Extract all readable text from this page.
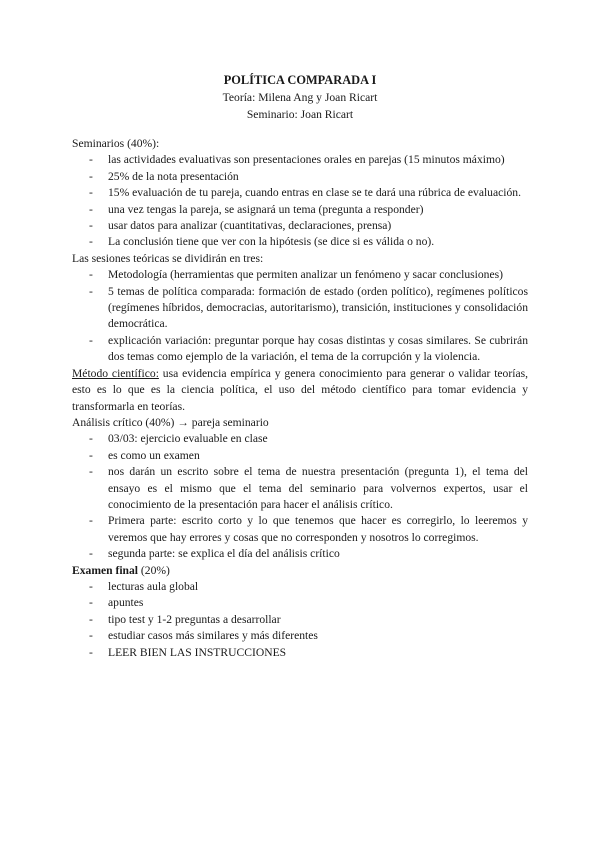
POLÍTICA COMPARADA I
Teoría: Milena Ang y Joan Ricart
Seminario: Joan Ricart

Seminarios (40%):

- las actividades evaluativas son presentaciones orales en parejas (15 minutos máximo)
- 25% de la nota presentación
- 15% evaluación de tu pareja, cuando entras en clase se te dará una rúbrica de evaluación.
- una vez tengas la pareja, se asignará un tema (pregunta a responder)
- usar datos para analizar (cuantitativas, declaraciones, prensa)
- La conclusión tiene que ver con la hipótesis (se dice si es válida o no).

Las sesiones teóricas se dividirán en tres:

- Metodología (herramientas que permiten analizar un fenómeno y sacar conclusiones)
- 5 temas de política comparada: formación de estado (orden político), regímenes políticos (regímenes híbridos, democracias, autoritarismo), transición, instituciones y consolidación democrática.
- explicación variación: preguntar porque hay cosas distintas y cosas similares. Se cubrirán dos temas como ejemplo de la variación, el tema de la corrupción y la violencia.

Método científico: usa evidencia empírica y genera conocimiento para generar o validar teorías, esto es lo que es la ciencia política, el uso del método científico para tomar evidencia y transformarla en teorías.

Análisis crítico (40%) → pareja seminario

- 03/03: ejercicio evaluable en clase
- es como un examen
- nos darán un escrito sobre el tema de nuestra presentación (pregunta 1), el tema del ensayo es el mismo que el tema del seminario para volvernos expertos, usar el conocimiento de la presentación para hacer el análisis crítico.
- Primera parte: escrito corto y lo que tenemos que hacer es corregirlo, lo leeremos y veremos que hay errores y cosas que no corresponden y nosotros lo corregimos.
- segunda parte: se explica el día del análisis crítico

Examen final (20%)

- lecturas aula global
- apuntes
- tipo test y 1-2 preguntas a desarrollar
- estudiar casos más similares y más diferentes
- LEER BIEN LAS INSTRUCCIONES
